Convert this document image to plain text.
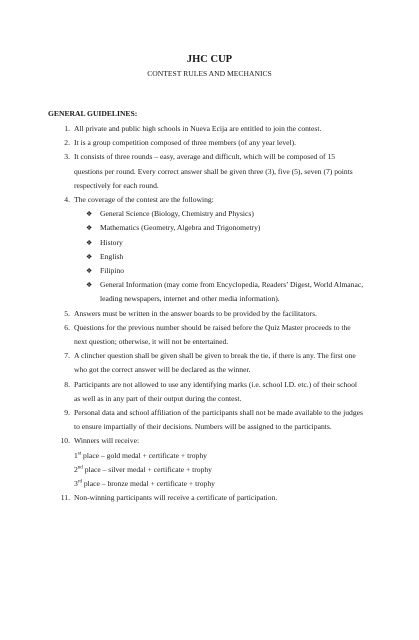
JHC CUP
CONTEST RULES AND MECHANICS
GENERAL GUIDELINES:
1. All private and public high schools in Nueva Ecija are entitled to join the contest.
2. It is a group competition composed of three members (of any year level).
3. It consists of three rounds – easy, average and difficult, which will be composed of 15 questions per round. Every correct answer shall be given three (3), five (5), seven (7) points respectively for each round.
4. The coverage of the contest are the following:
❖ General Science (Biology, Chemistry and Physics)
❖ Mathematics (Geometry, Algebra and Trigonometry)
❖ History
❖ English
❖ Filipino
❖ General Information (may come from Encyclopedia, Readers’ Digest, World Almanac, leading newspapers, internet and other media information).
5. Answers must be written in the answer boards to be provided by the facilitators.
6. Questions for the previous number should be raised before the Quiz Master proceeds to the next question; otherwise, it will not be entertained.
7. A clincher question shall be given shall be given to break the tie, if there is any. The first one who got the correct answer will be declared as the winner.
8. Participants are not allowed to use any identifying marks (i.e. school I.D. etc.) of their school as well as in any part of their output during the contest.
9. Personal data and school affiliation of the participants shall not be made available to the judges to ensure impartially of their decisions. Numbers will be assigned to the participants.
10. Winners will receive:
1st place – gold medal + certificate + trophy
2nd place – silver medal + certificate + trophy
3rd place – bronze medal + certificate + trophy
11. Non-winning participants will receive a certificate of participation.
